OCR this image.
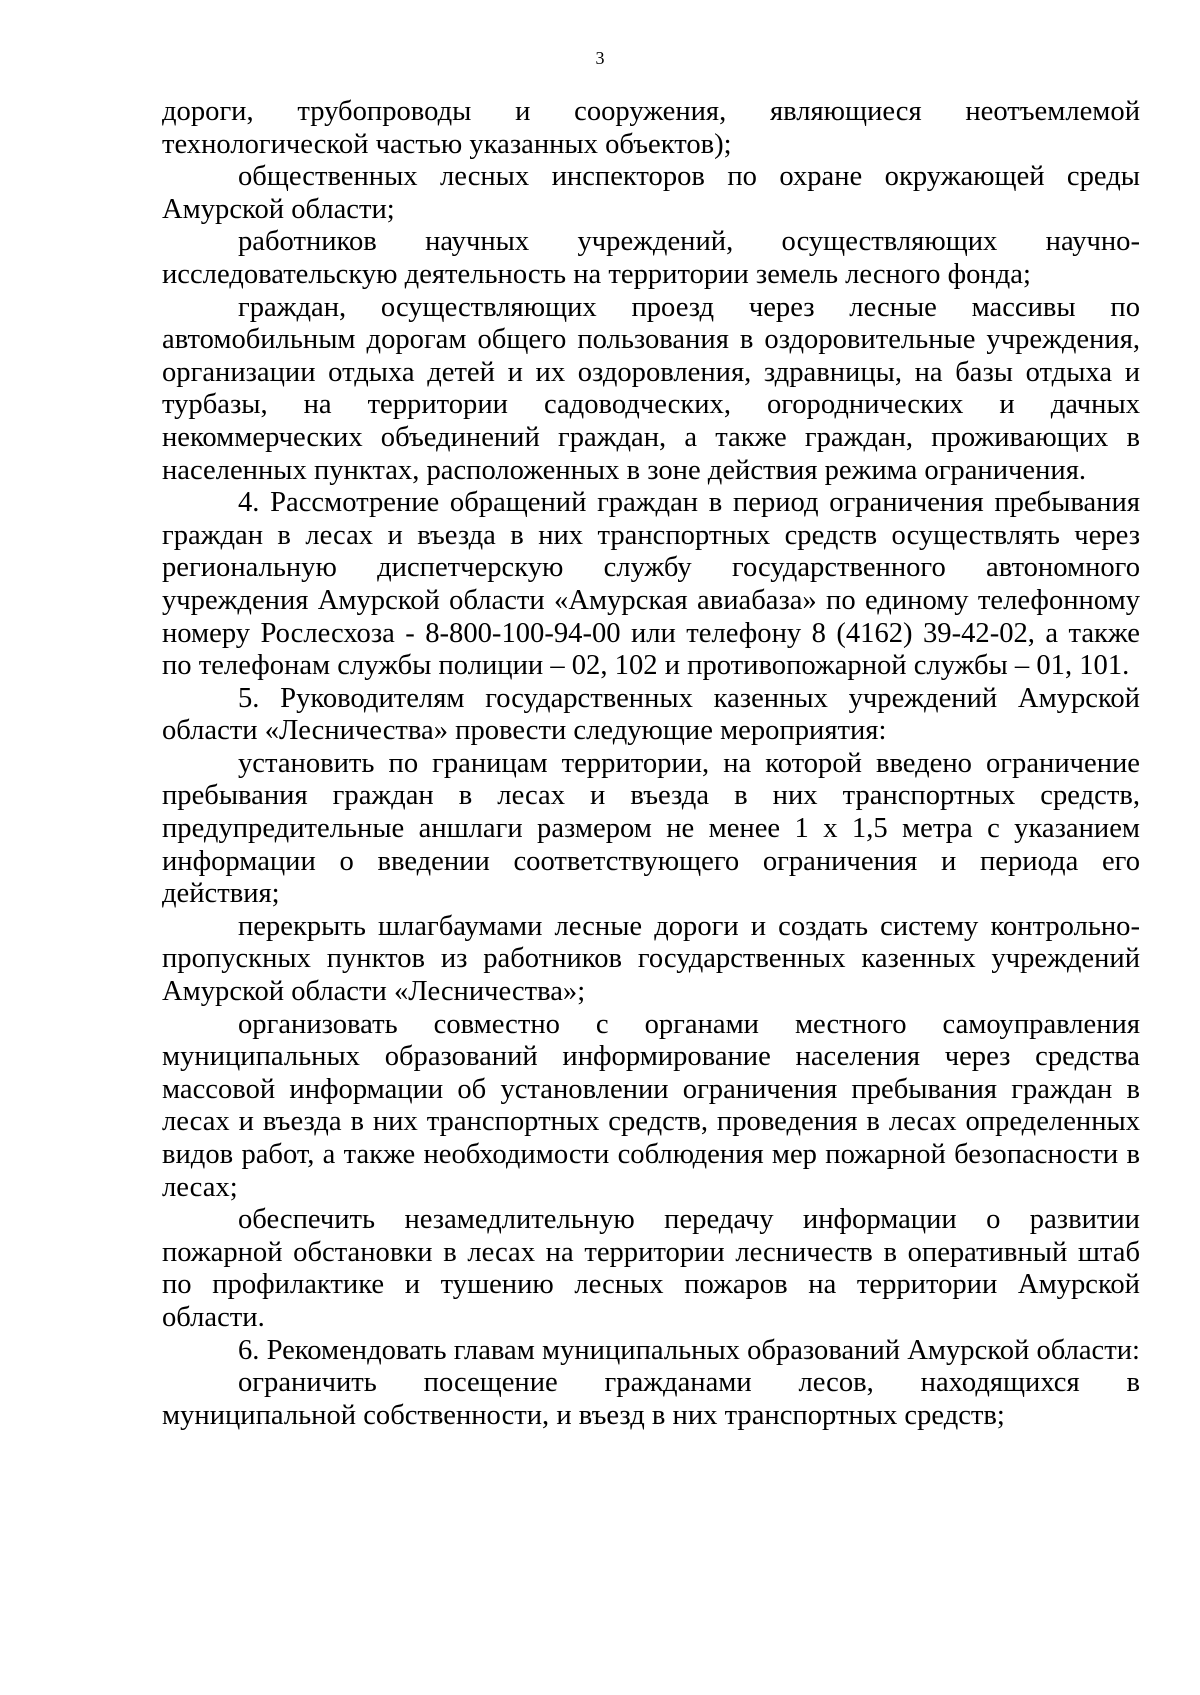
3

дороги, трубопроводы и сооружения, являющиеся неотъемлемой технологической частью указанных объектов);

общественных лесных инспекторов по охране окружающей среды Амурской области;

работников научных учреждений, осуществляющих научно-исследовательскую деятельность на территории земель лесного фонда;

граждан, осуществляющих проезд через лесные массивы по автомобильным дорогам общего пользования в оздоровительные учреждения, организации отдыха детей и их оздоровления, здравницы, на базы отдыха и турбазы, на территории садоводческих, огороднических и дачных некоммерческих объединений граждан, а также граждан, проживающих в населенных пунктах, расположенных в зоне действия режима ограничения.

4. Рассмотрение обращений граждан в период ограничения пребывания граждан в лесах и въезда в них транспортных средств осуществлять через региональную диспетчерскую службу государственного автономного учреждения Амурской области «Амурская авиабаза» по единому телефонному номеру Рослесхоза - 8-800-100-94-00 или телефону 8 (4162) 39-42-02, а также по телефонам службы полиции – 02, 102 и противопожарной службы – 01, 101.

5. Руководителям государственных казенных учреждений Амурской области «Лесничества» провести следующие мероприятия:

установить по границам территории, на которой введено ограничение пребывания граждан в лесах и въезда в них транспортных средств, предупредительные аншлаги размером не менее 1 х 1,5 метра с указанием информации о введении соответствующего ограничения и периода его действия;

перекрыть шлагбаумами лесные дороги и создать систему контрольно-пропускных пунктов из работников государственных казенных учреждений Амурской области «Лесничества»;

организовать совместно с органами местного самоуправления муниципальных образований информирование населения через средства массовой информации об установлении ограничения пребывания граждан в лесах и въезда в них транспортных средств, проведения в лесах определенных видов работ, а также необходимости соблюдения мер пожарной безопасности в лесах;

обеспечить незамедлительную передачу информации о развитии пожарной обстановки в лесах на территории лесничеств в оперативный штаб по профилактике и тушению лесных пожаров на территории Амурской области.

6. Рекомендовать главам муниципальных образований Амурской области:

ограничить посещение гражданами лесов, находящихся в муниципальной собственности, и въезд в них транспортных средств;
